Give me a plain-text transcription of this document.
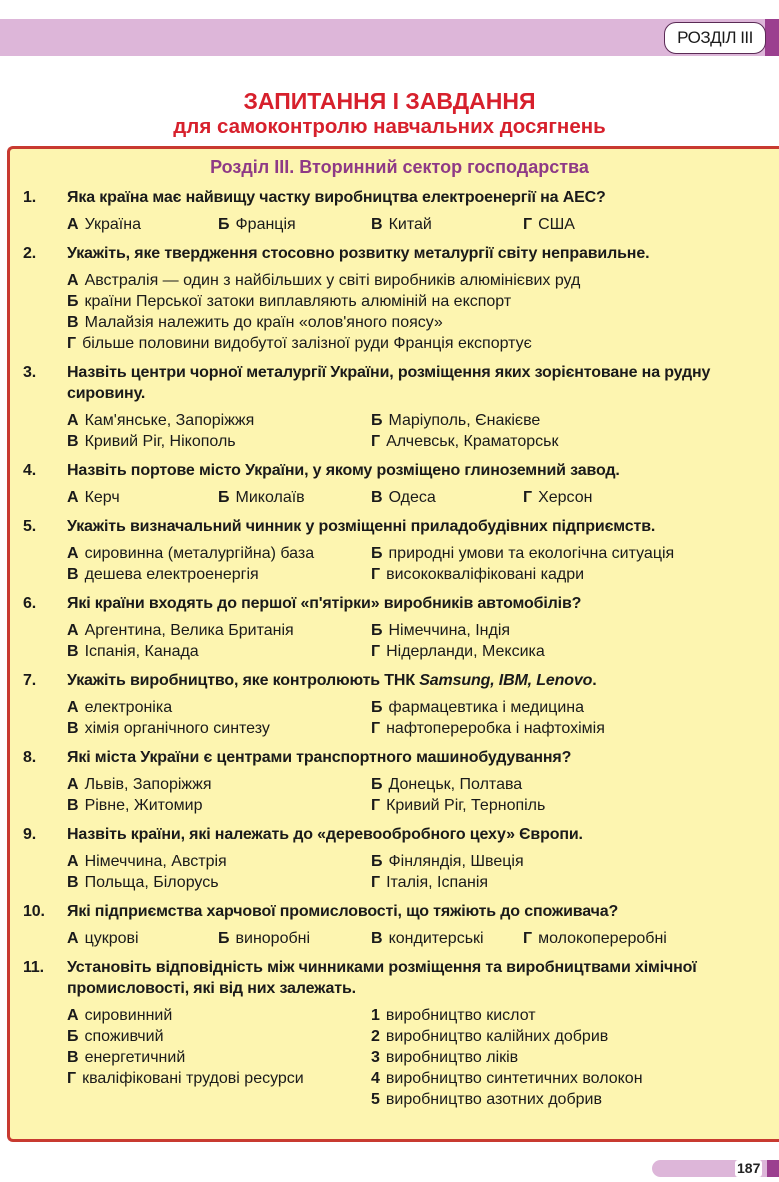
РОЗДІЛ ІІІ
ЗАПИТАННЯ І ЗАВДАННЯ
для самоконтролю навчальних досягнень
Розділ ІІІ. Вторинний сектор господарства
1.	Яка країна має найвищу частку виробництва електроенергії на АЕС?
А Україна	Б Франція	В Китай	Г США
2.	Укажіть, яке твердження стосовно розвитку металургії світу неправильне.
А Австралія — один з найбільших у світі виробників алюмінієвих руд
Б країни Перської затоки виплавляють алюміній на експорт
В Малайзія належить до країн «олов'яного поясу»
Г більше половини видобутої залізної руди Франція експортує
3.	Назвіть центри чорної металургії України, розміщення яких зорієнтоване на рудну сировину.
А Кам'янське, Запоріжжя	Б Маріуполь, Єнакієве
В Кривий Ріг, Нікополь	Г Алчевськ, Краматорськ
4.	Назвіть портове місто України, у якому розміщено глиноземний завод.
А Керч	Б Миколаїв	В Одеса	Г Херсон
5.	Укажіть визначальний чинник у розміщенні приладобудівних підприємств.
А сировинна (металургійна) база	Б природні умови та екологічна ситуація
В дешева електроенергія	Г висококваліфіковані кадри
6.	Які країни входять до першої «п'ятірки» виробників автомобілів?
А Аргентина, Велика Британія	Б Німеччина, Індія
В Іспанія, Канада	Г Нідерланди, Мексика
7.	Укажіть виробництво, яке контролюють ТНК Samsung, IBM, Lenovo.
А електроніка	Б фармацевтика і медицина
В хімія органічного синтезу	Г нафтопереробка і нафтохімія
8.	Які міста України є центрами транспортного машинобудування?
А Львів, Запоріжжя	Б Донецьк, Полтава
В Рівне, Житомир	Г Кривий Ріг, Тернопіль
9.	Назвіть країни, які належать до «деревообробного цеху» Європи.
А Німеччина, Австрія	Б Фінляндія, Швеція
В Польща, Білорусь	Г Італія, Іспанія
10.	Які підприємства харчової промисловості, що тяжіють до споживача?
А цукрові	Б виноробні	В кондитерські	Г молокопереробні
11.	Установіть відповідність між чинниками розміщення та виробництвами хімічної промисловості, які від них залежать.
А сировинний	1 виробництво кислот
Б споживчий	2 виробництво калійних добрив
В енергетичний	3 виробництво ліків
Г кваліфіковані трудові ресурси	4 виробництво синтетичних волокон
5 виробництво азотних добрив
187
